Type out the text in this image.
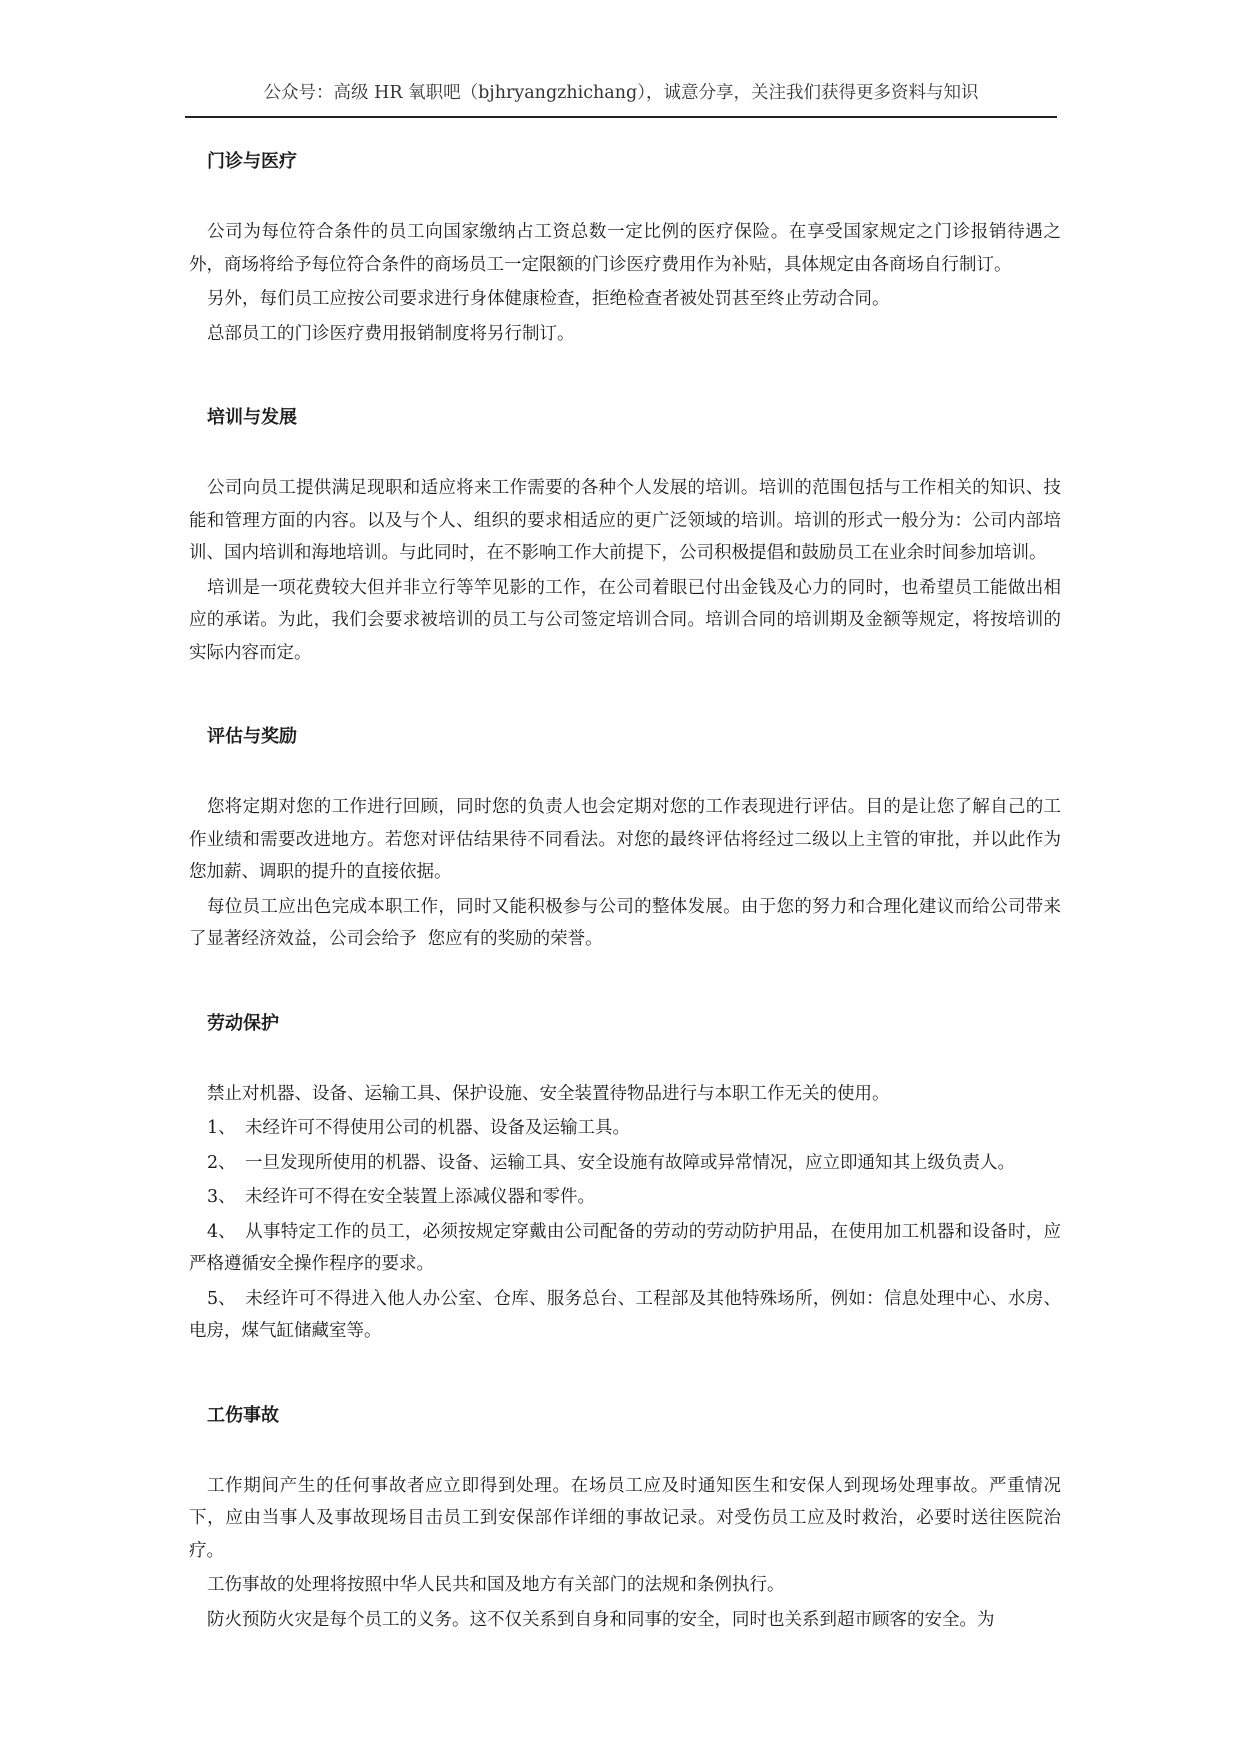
公众号：高级 HR 氧职吧（bjhryangzhichang），诚意分享，关注我们获得更多资料与知识
门诊与医疗

公司为每位符合条件的员工向国家缴纳占工资总数一定比例的医疗保险。在享受国家规定之门诊报销待遇之外，商场将给予每位符合条件的商场员工一定限额的门诊医疗费用作为补贴，具体规定由各商场自行制订。

另外，每们员工应按公司要求进行身体健康检查，拒绝检查者被处罚甚至终止劳动合同。

总部员工的门诊医疗费用报销制度将另行制订。

培训与发展

公司向员工提供满足现职和适应将来工作需要的各种个人发展的培训。培训的范围包括与工作相关的知识、技能和管理方面的内容。以及与个人、组织的要求相适应的更广泛领域的培训。培训的形式一般分为：公司内部培训、国内培训和海地培训。与此同时，在不影响工作大前提下，公司积极提倡和鼓励员工在业余时间参加培训。

培训是一项花费较大但并非立行等竿见影的工作，在公司着眼已付出金钱及心力的同时，也希望员工能做出相应的承诺。为此，我们会要求被培训的员工与公司签定培训合同。培训合同的培训期及金额等规定，将按培训的实际内容而定。

评估与奖励

您将定期对您的工作进行回顾，同时您的负责人也会定期对您的工作表现进行评估。目的是让您了解自己的工作业绩和需要改进地方。若您对评估结果待不同看法。对您的最终评估将经过二级以上主管的审批，并以此作为您加薪、调职的提升的直接依据。

每位员工应出色完成本职工作，同时又能积极参与公司的整体发展。由于您的努力和合理化建议而给公司带来了显著经济效益，公司会给予  您应有的奖励的荣誉。

劳动保护

禁止对机器、设备、运输工具、保护设施、安全装置待物品进行与本职工作无关的使用。

1、 未经许可不得使用公司的机器、设备及运输工具。

2、 一旦发现所使用的机器、设备、运输工具、安全设施有故障或异常情况，应立即通知其上级负责人。

3、 未经许可不得在安全装置上添减仪器和零件。

4、 从事特定工作的员工，必须按规定穿戴由公司配备的劳动的劳动防护用品，在使用加工机器和设备时，应严格遵循安全操作程序的要求。

5、 未经许可不得进入他人办公室、仓库、服务总台、工程部及其他特殊场所，例如：信息处理中心、水房、电房，煤气缸储藏室等。

工伤事故

工作期间产生的任何事故者应立即得到处理。在场员工应及时通知医生和安保人到现场处理事故。严重情况下，应由当事人及事故现场目击员工到安保部作详细的事故记录。对受伤员工应及时救治，必要时送往医院治疗。

工伤事故的处理将按照中华人民共和国及地方有关部门的法规和条例执行。

防火预防火灾是每个员工的义务。这不仅关系到自身和同事的安全，同时也关系到超市顾客的安全。为
